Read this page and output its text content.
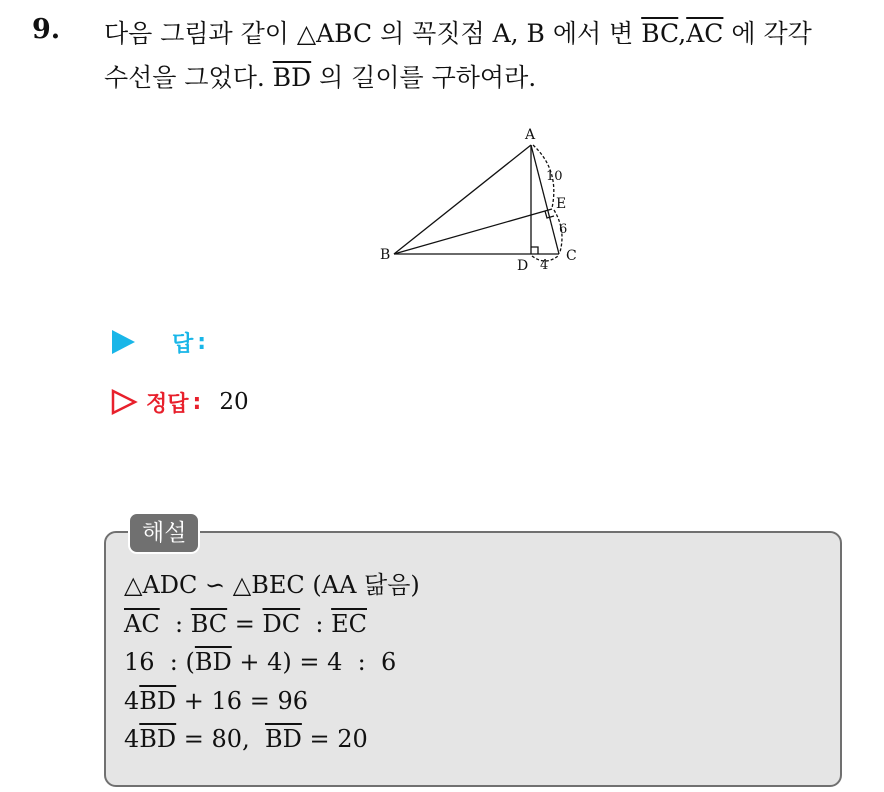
9. 다음 그림과 같이 △ABC 의 꼭짓점 A, B 에서 변 $\overline{BC},\overline{AC}$ 에 각각
수선을 그었다. $\overline{BD}$ 의 길이를 구하여라.
A
B	C
D
E
10
6
4
답 :
정답 : 20
해설
△ADC ∽ △BEC (AA 닮음)
$\overline{AC}$  : $\overline{BC} = \overline{DC}$  : $\overline{EC}$
16  : $(\overline{BD} + 4) = 4$  :  6
$4\overline{BD} + 16 = 96$
$4\overline{BD} = 80$,  $\overline{BD} = 20$
